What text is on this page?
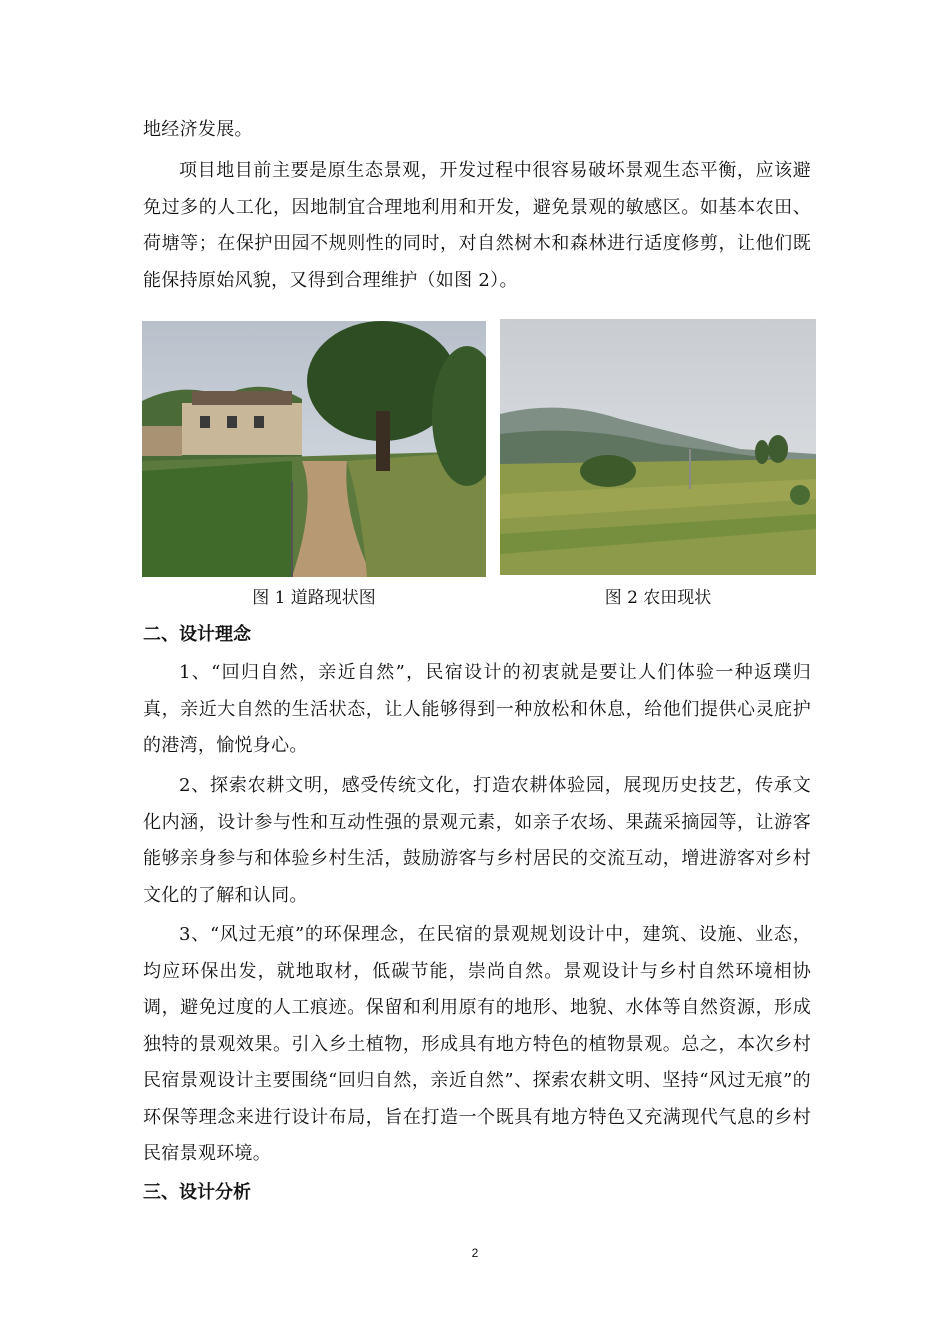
地经济发展。

项目地目前主要是原生态景观，开发过程中很容易破坏景观生态平衡，应该避免过多的人工化，因地制宜合理地利用和开发，避免景观的敏感区。如基本农田、荷塘等；在保护田园不规则性的同时，对自然树木和森林进行适度修剪，让他们既能保持原始风貌，又得到合理维护（如图 2）。

图 1 道路现状图	图 2 农田现状
二、设计理念

1、“回归自然，亲近自然”，民宿设计的初衷就是要让人们体验一种返璞归真，亲近大自然的生活状态，让人能够得到一种放松和休息，给他们提供心灵庇护的港湾，愉悦身心。

2、探索农耕文明，感受传统文化，打造农耕体验园，展现历史技艺，传承文化内涵，设计参与性和互动性强的景观元素，如亲子农场、果蔬采摘园等，让游客能够亲身参与和体验乡村生活，鼓励游客与乡村居民的交流互动，增进游客对乡村文化的了解和认同。

3、“风过无痕”的环保理念，在民宿的景观规划设计中，建筑、设施、业态，均应环保出发，就地取材，低碳节能，崇尚自然。景观设计与乡村自然环境相协调，避免过度的人工痕迹。保留和利用原有的地形、地貌、水体等自然资源，形成独特的景观效果。引入乡土植物，形成具有地方特色的植物景观。总之，本次乡村民宿景观设计主要围绕“回归自然，亲近自然”、探索农耕文明、坚持“风过无痕”的环保等理念来进行设计布局，旨在打造一个既具有地方特色又充满现代气息的乡村民宿景观环境。

三、设计分析
2
